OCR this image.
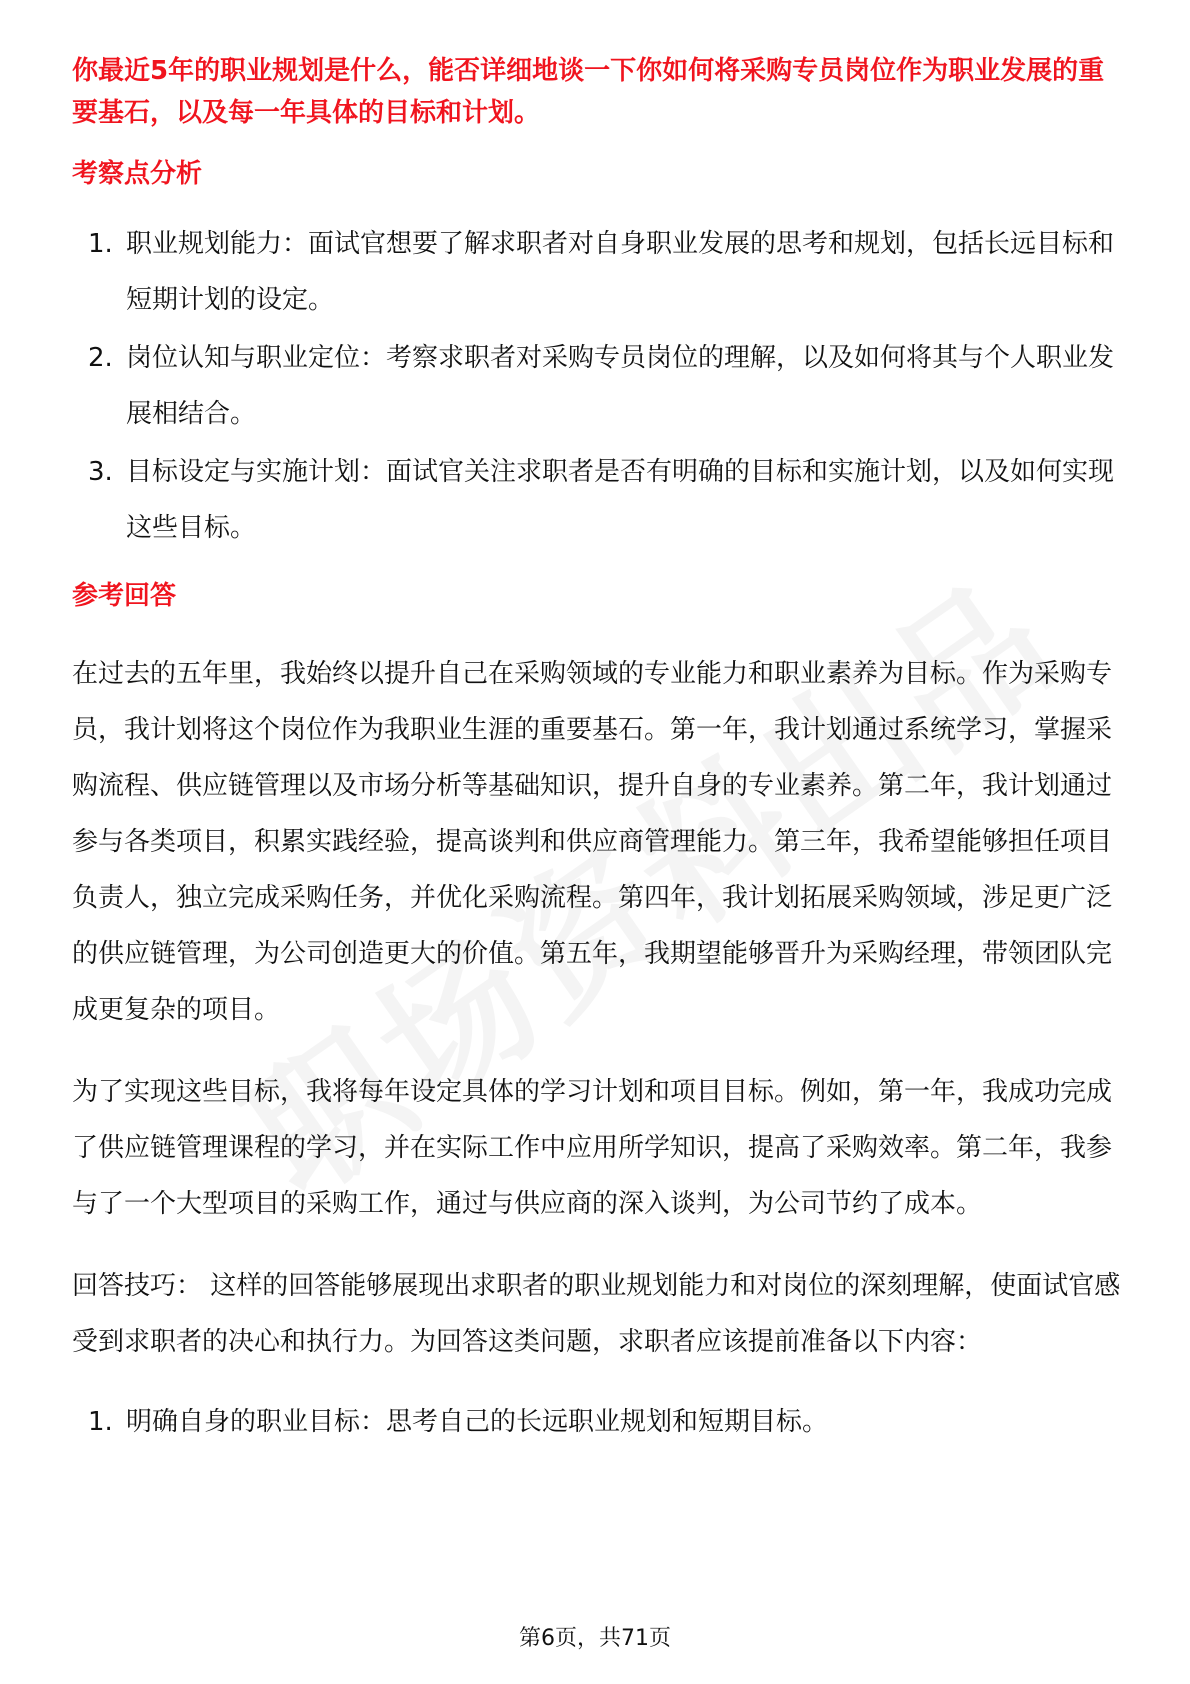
你最近5年的职业规划是什么，能否详细地谈一下你如何将采购专员岗位作为职业发展的重要基石，以及每一年具体的目标和计划。

考察点分析
1. 职业规划能力：面试官想要了解求职者对自身职业发展的思考和规划，包括长远目标和短期计划的设定。
2. 岗位认知与职业定位：考察求职者对采购专员岗位的理解，以及如何将其与个人职业发展相结合。
3. 目标设定与实施计划：面试官关注求职者是否有明确的目标和实施计划，以及如何实现这些目标。
参考回答

在过去的五年里，我始终以提升自己在采购领域的专业能力和职业素养为目标。作为采购专员，我计划将这个岗位作为我职业生涯的重要基石。第一年，我计划通过系统学习，掌握采购流程、供应链管理以及市场分析等基础知识，提升自身的专业素养。第二年，我计划通过参与各类项目，积累实践经验，提高谈判和供应商管理能力。第三年，我希望能够担任项目负责人，独立完成采购任务，并优化采购流程。第四年，我计划拓展采购领域，涉足更广泛的供应链管理，为公司创造更大的价值。第五年，我期望能够晋升为采购经理，带领团队完成更复杂的项目。

为了实现这些目标，我将每年设定具体的学习计划和项目目标。例如，第一年，我成功完成了供应链管理课程的学习，并在实际工作中应用所学知识，提高了采购效率。第二年，我参与了一个大型项目的采购工作，通过与供应商的深入谈判，为公司节约了成本。

回答技巧： 这样的回答能够展现出求职者的职业规划能力和对岗位的深刻理解，使面试官感受到求职者的决心和执行力。为回答这类问题，求职者应该提前准备以下内容：

1. 明确自身的职业目标：思考自己的长远职业规划和短期目标。
第6页，共71页
